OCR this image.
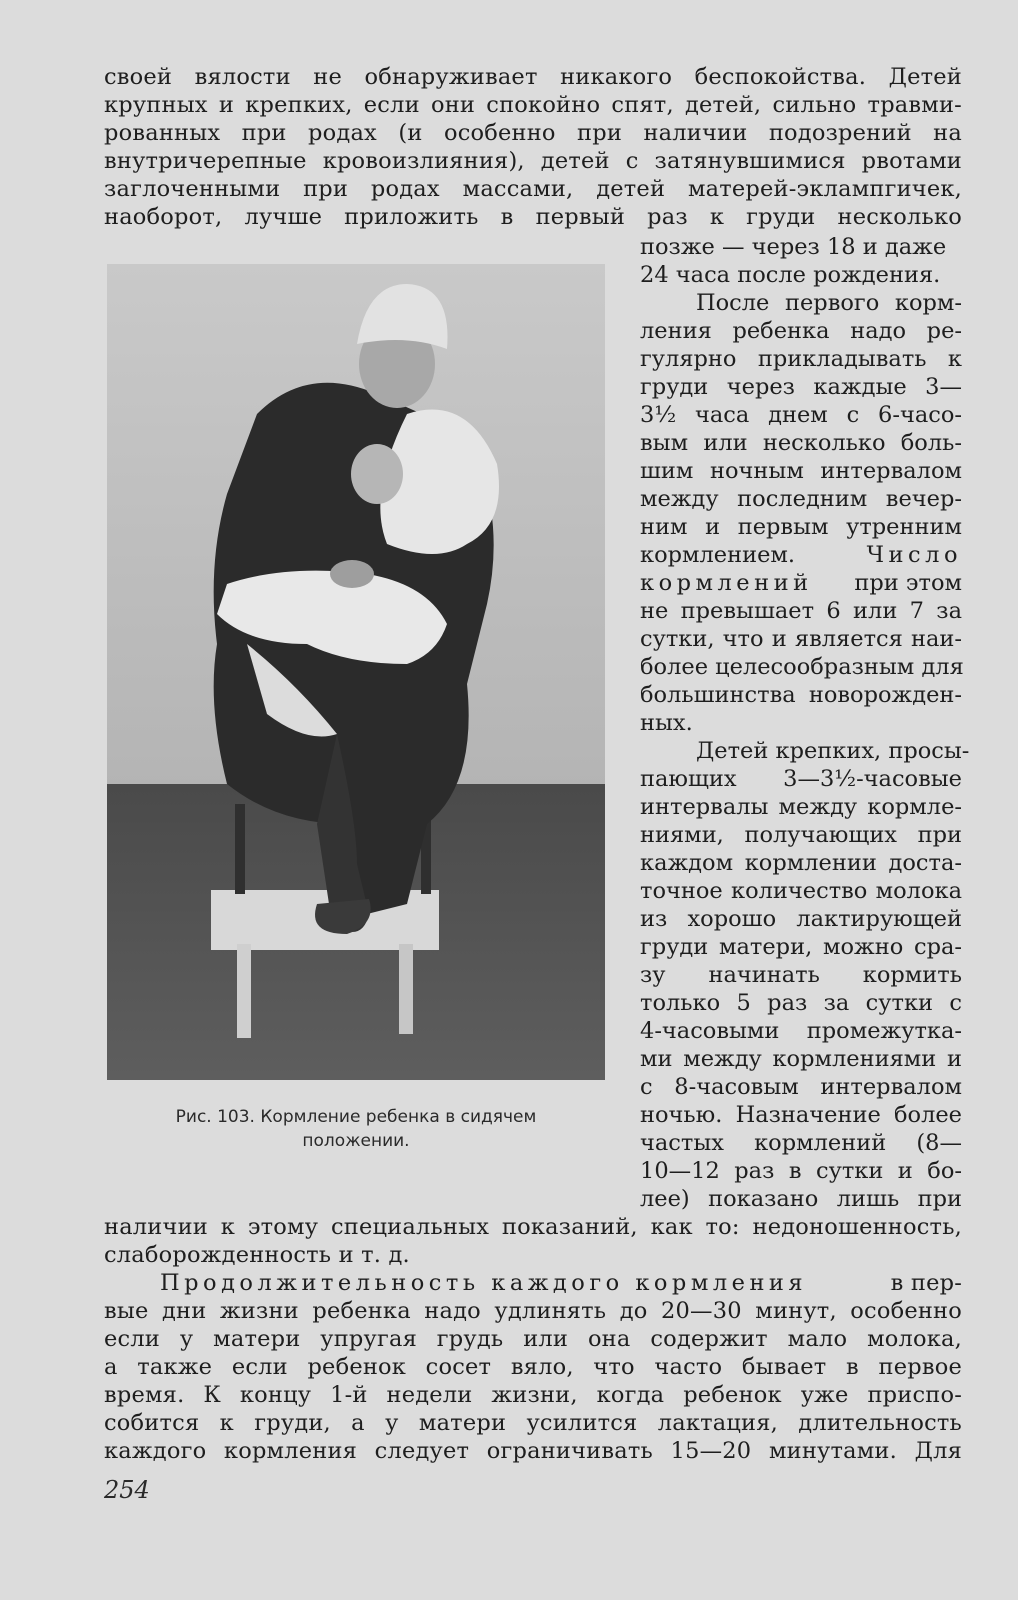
своей вялости не обнаруживает никакого беспокойства. Детей
крупных и крепких, если они спокойно спят, детей, сильно травми-
рованных при родах (и особенно при наличии подозрений на
внутричерепные кровоизлияния), детей с затянувшимися рвотами
заглоченными при родах массами, детей матерей-эклампгичек,
наоборот, лучше приложить в первый раз к груди несколько
позже — через 18 и даже
24 часа после рождения.
После первого корм-
ления ребенка надо ре-
гулярно прикладывать к
груди через каждые 3—
3½ часа днем с 6-часо-
вым или несколько боль-
шим ночным интервалом
между последним вечер-
ним и первым утренним
кормлением.	Число
кормлений при этом
не превышает 6 или 7 за
сутки, что и является наи-
более целесообразным для
большинства новорожден-
ных.
Детей крепких, просы-
пающих 3—3½-часовые
интервалы между кормле-
ниями, получающих при
каждом кормлении доста-
точное количество молока
из хорошо лактирующей
груди матери, можно сра-
зу начинать кормить
только 5 раз за сутки с
4-часовыми промежутка-
ми между кормлениями и
с 8-часовым интервалом
ночью. Назначение более
частых кормлений (8—
10—12 раз в сутки и бо-
лее) показано лишь при
Рис. 103. Кормление ребенка в сидячем
положении.
наличии к этому специальных показаний, как то: недоношенность,
слаборожденность и т. д.
Продолжительность каждого кормления	в пер-
вые дни жизни ребенка надо удлинять до 20—30 минут, особенно
если у матери упругая грудь или она содержит мало молока,
а также если ребенок сосет вяло, что часто бывает в первое
время. К концу 1-й недели жизни, когда ребенок уже приспо-
собится к груди, а у матери усилится лактация, длительность
каждого кормления следует ограничивать 15—20 минутами. Для
254
